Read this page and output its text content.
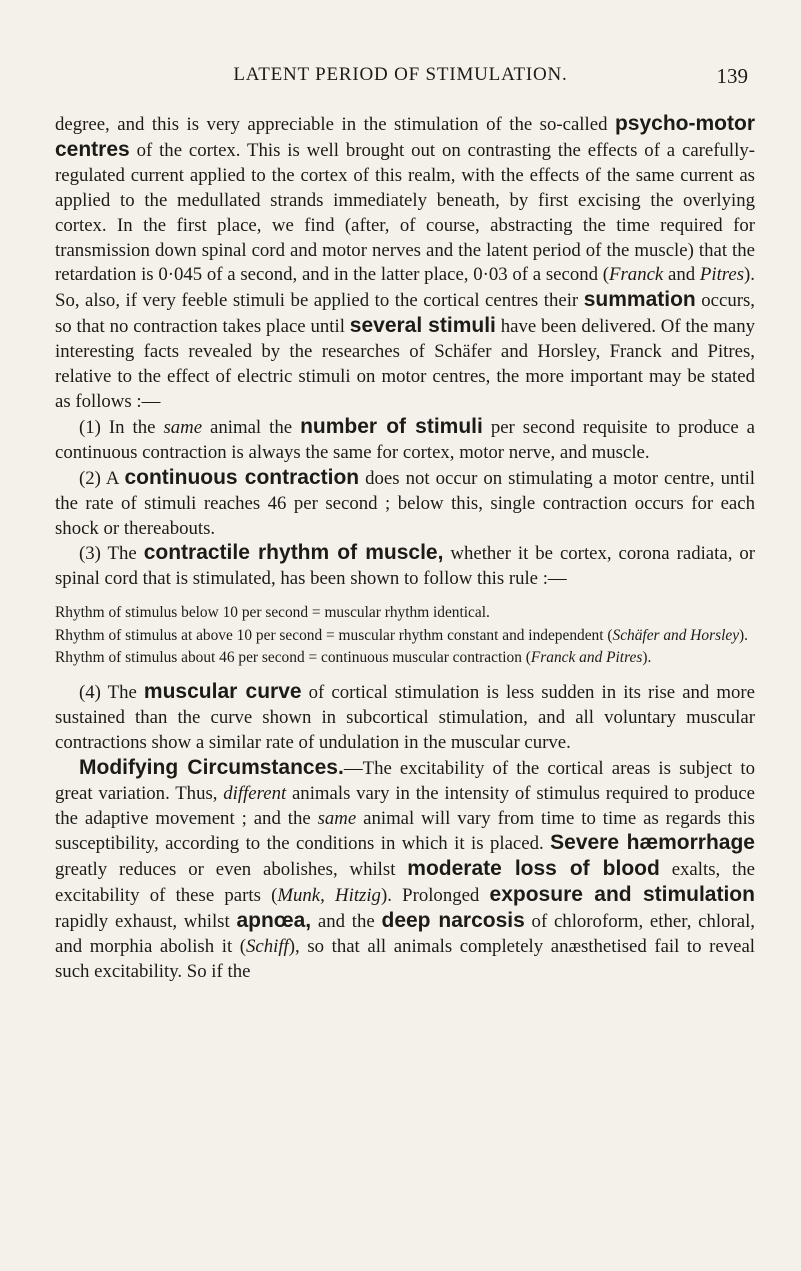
LATENT PERIOD OF STIMULATION.	139

degree, and this is very appreciable in the stimulation of the so-called psycho-motor centres of the cortex. This is well brought out on contrasting the effects of a carefully-regulated current applied to the cortex of this realm, with the effects of the same current as applied to the medullated strands immediately beneath, by first excising the overlying cortex. In the first place, we find (after, of course, abstracting the time required for transmission down spinal cord and motor nerves and the latent period of the muscle) that the retardation is 0·045 of a second, and in the latter place, 0·03 of a second (Franck and Pitres). So, also, if very feeble stimuli be applied to the cortical centres their summation occurs, so that no contraction takes place until several stimuli have been delivered. Of the many interesting facts revealed by the researches of Schäfer and Horsley, Franck and Pitres, relative to the effect of electric stimuli on motor centres, the more important may be stated as follows :—

(1) In the same animal the number of stimuli per second requisite to produce a continuous contraction is always the same for cortex, motor nerve, and muscle.

(2) A continuous contraction does not occur on stimulating a motor centre, until the rate of stimuli reaches 46 per second ; below this, single contraction occurs for each shock or thereabouts.

(3) The contractile rhythm of muscle, whether it be cortex, corona radiata, or spinal cord that is stimulated, has been shown to follow this rule :—

Rhythm of stimulus below 10 per second = muscular rhythm identical.

Rhythm of stimulus at above 10 per second = muscular rhythm constant and independent (Schäfer and Horsley).

Rhythm of stimulus about 46 per second = continuous muscular contraction (Franck and Pitres).

(4) The muscular curve of cortical stimulation is less sudden in its rise and more sustained than the curve shown in subcortical stimulation, and all voluntary muscular contractions show a similar rate of undulation in the muscular curve.

Modifying Circumstances.—The excitability of the cortical areas is subject to great variation. Thus, different animals vary in the intensity of stimulus required to produce the adaptive movement ; and the same animal will vary from time to time as regards this susceptibility, according to the conditions in which it is placed. Severe hæmorrhage greatly reduces or even abolishes, whilst moderate loss of blood exalts, the excitability of these parts (Munk, Hitzig). Prolonged exposure and stimulation rapidly exhaust, whilst apnœa, and the deep narcosis of chloroform, ether, chloral, and morphia abolish it (Schiff), so that all animals completely anæsthetised fail to reveal such excitability. So if the
